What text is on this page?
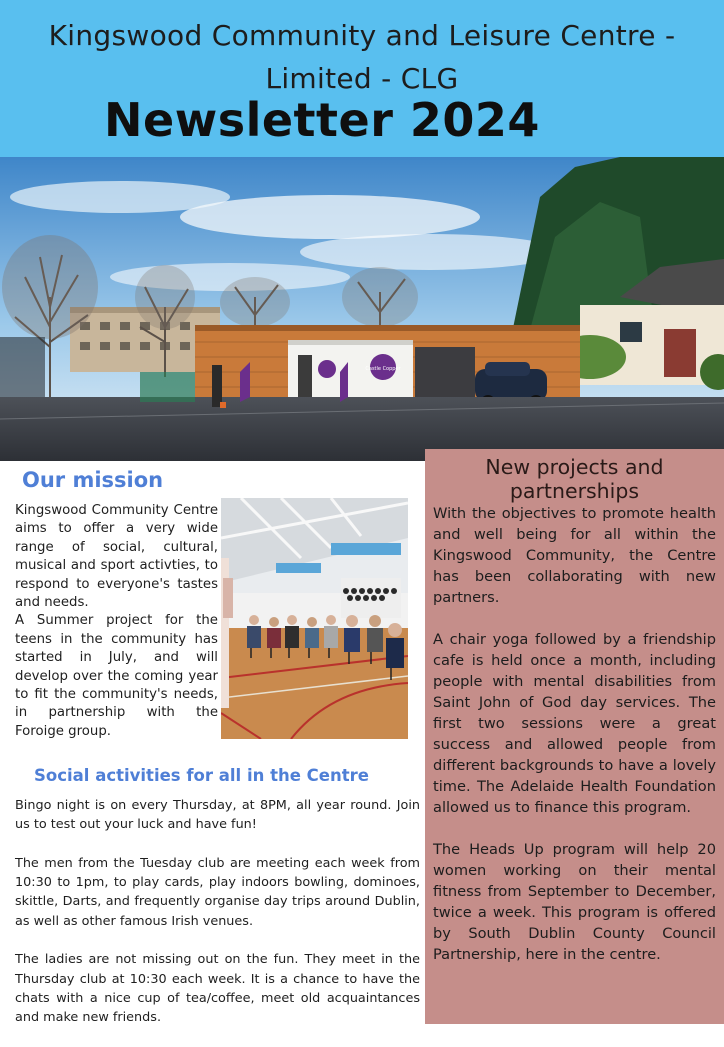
Kingswood Community and Leisure Centre - Limited - CLG
Newsletter 2024
Castle Copper
Our mission

Kingswood Community Centre aims to offer a very wide range of social, cultural, musical and sport activties, to respond to everyone's tastes and needs.

A Summer project for the teens in the community has started in July, and will develop over the coming year to fit the community's needs, in partnership with the Foroige group.

Social activities for all in the Centre

Bingo night is on every Thursday, at 8PM, all year round. Join us to test out your luck and have fun!

The men from the Tuesday club are meeting each week from 10:30 to 1pm, to play cards, play indoors bowling, dominoes, skittle, Darts, and frequently organise day trips around Dublin, as well as other famous Irish venues.

The ladies are not missing out on the fun. They meet in the Thursday club at 10:30 each week. It is a chance to have the chats with a nice cup of tea/coffee, meet old acquaintances and make new friends.

New projects and partnerships

With the objectives to promote health and well being for all within the Kingswood Community, the Centre has been collaborating with new partners.

A chair yoga followed by a friendship cafe is held once a month, including people with mental disabilities from Saint John of God day services. The first two sessions were a great success and allowed people from different backgrounds to have a lovely time. The Adelaide Health Foundation allowed us to finance this program.

The Heads Up program will help 20 women working on their mental fitness from September to December, twice a week. This program is offered by South Dublin County Council Partnership, here in the centre.
